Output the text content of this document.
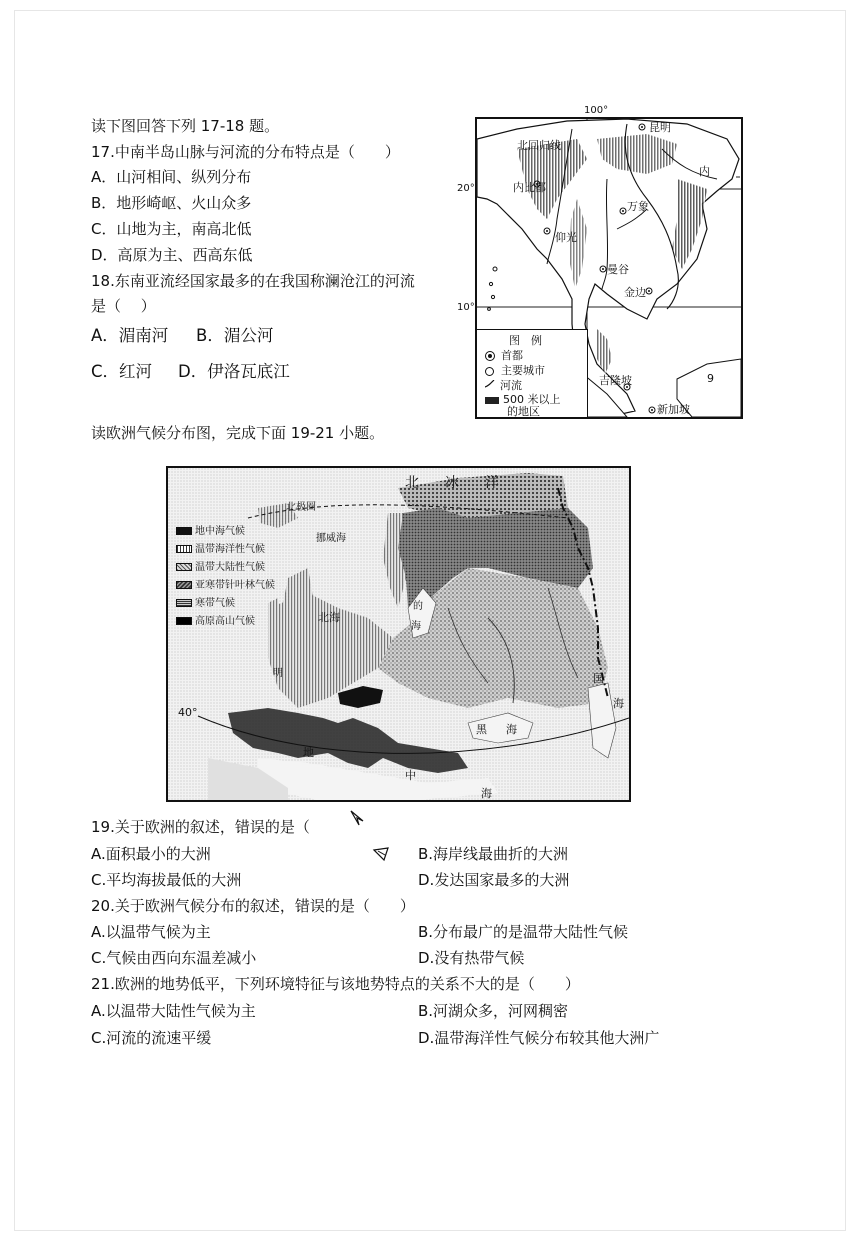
读下图回答下列 17-18 题。
17.中南半岛山脉与河流的分布特点是（　　）
A．山河相间、纵列分布
B．地形崎岖、火山众多
C．山地为主，南高北低
D．高原为主、西高东低
18.东南亚流经国家最多的在我国称澜沧江的河流
是（　 ）
A．湄南河 B．湄公河
C．红河 D．伊洛瓦底江
100°
北回归线
昆明
内
内比都
万象
仰光
曼谷
金边
吉隆坡
新加坡
9
图　例
首都
主要城市
河流
500 米以上
的地区
20°
10°
读欧洲气候分布图，完成下面 19-21 小题。
北　冰　洋
北极圈
挪威海
北海
的
海
国
海
黑　海
地
中
海
40°
明
地中海气候
温带海洋性气候
温带大陆性气候
亚寒带针叶林气候
寒带气候
高原高山气候
19.关于欧洲的叙述，错误的是（
A.面积最小的大洲	B.海岸线最曲折的大洲
C.平均海拔最低的大洲	D.发达国家最多的大洲
20.关于欧洲气候分布的叙述，错误的是（　　）
A.以温带气候为主	B.分布最广的是温带大陆性气候
C.气候由西向东温差减小	D.没有热带气候
21.欧洲的地势低平，下列环境特征与该地势特点的关系不大的是（　　）
A.以温带大陆性气候为主	B.河湖众多，河网稠密
C.河流的流速平缓	D.温带海洋性气候分布较其他大洲广
